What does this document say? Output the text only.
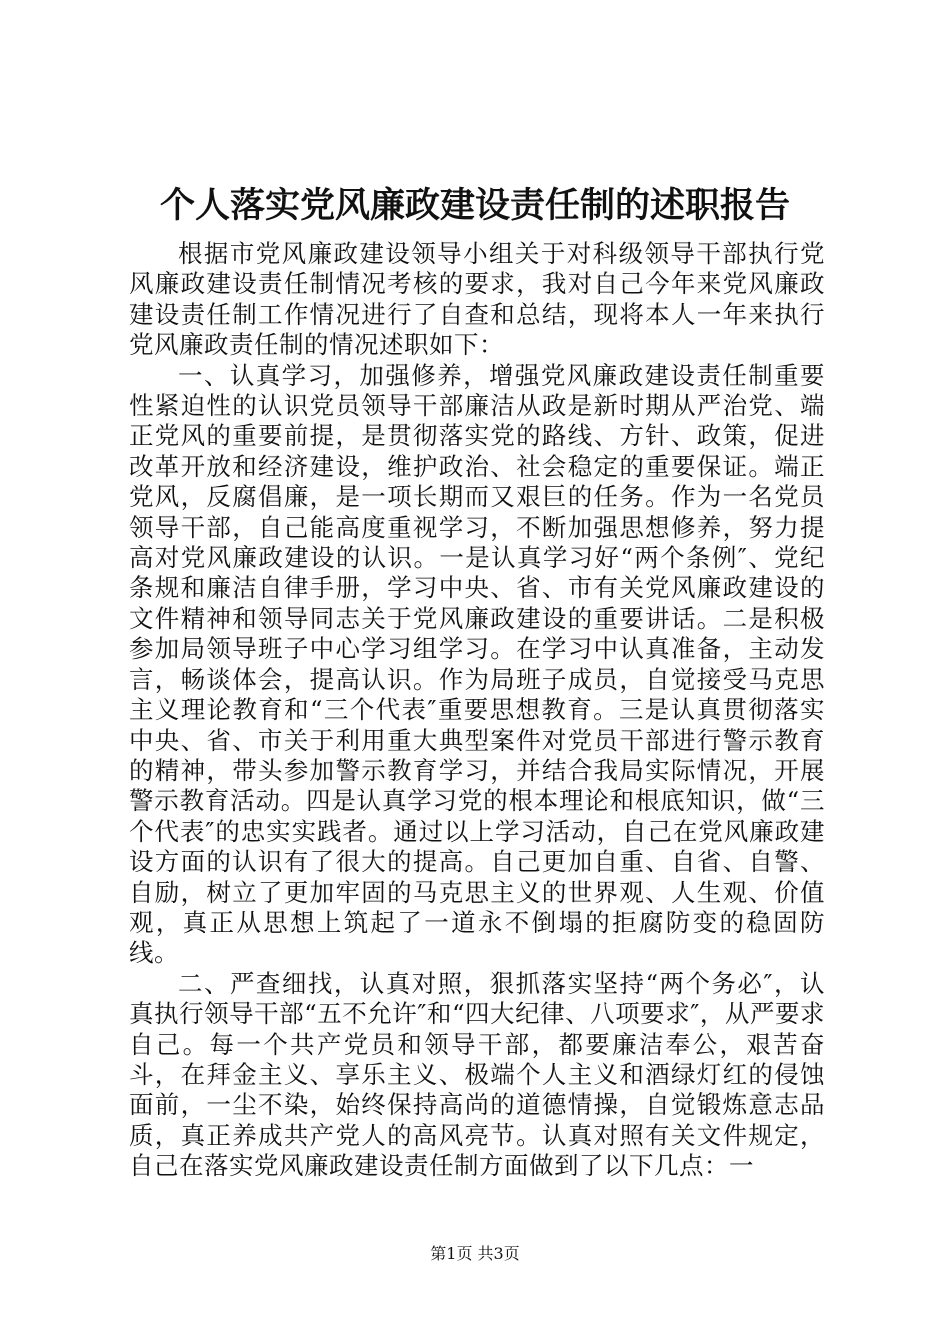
个人落实党风廉政建设责任制的述职报告

根据市党风廉政建设领导小组关于对科级领导干部执行党风廉政建设责任制情况考核的要求，我对自己今年来党风廉政建设责任制工作情况进行了自查和总结，现将本人一年来执行党风廉政责任制的情况述职如下：

一、认真学习，加强修养，增强党风廉政建设责任制重要性紧迫性的认识党员领导干部廉洁从政是新时期从严治党、端正党风的重要前提，是贯彻落实党的路线、方针、政策，促进改革开放和经济建设，维护政治、社会稳定的重要保证。端正党风，反腐倡廉，是一项长期而又艰巨的任务。作为一名党员领导干部，自己能高度重视学习，不断加强思想修养，努力提高对党风廉政建设的认识。一是认真学习好“两个条例″、党纪条规和廉洁自律手册，学习中央、省、市有关党风廉政建设的文件精神和领导同志关于党风廉政建设的重要讲话。二是积极参加局领导班子中心学习组学习。在学习中认真准备，主动发言，畅谈体会，提高认识。作为局班子成员，自觉接受马克思主义理论教育和“三个代表″重要思想教育。三是认真贯彻落实中央、省、市关于利用重大典型案件对党员干部进行警示教育的精神，带头参加警示教育学习，并结合我局实际情况，开展警示教育活动。四是认真学习党的根本理论和根底知识，做“三个代表″的忠实实践者。通过以上学习活动，自己在党风廉政建设方面的认识有了很大的提高。自己更加自重、自省、自警、自励，树立了更加牢固的马克思主义的世界观、人生观、价值观，真正从思想上筑起了一道永不倒塌的拒腐防变的稳固防线。

二、严查细找，认真对照，狠抓落实坚持“两个务必″，认真执行领导干部“五不允许″和“四大纪律、八项要求″，从严要求自己。每一个共产党员和领导干部，都要廉洁奉公，艰苦奋斗，在拜金主义、享乐主义、极端个人主义和酒绿灯红的侵蚀面前，一尘不染，始终保持高尚的道德情操，自觉锻炼意志品质，真正养成共产党人的高风亮节。认真对照有关文件规定，自己在落实党风廉政建设责任制方面做到了以下几点：一

第1页 共3页
